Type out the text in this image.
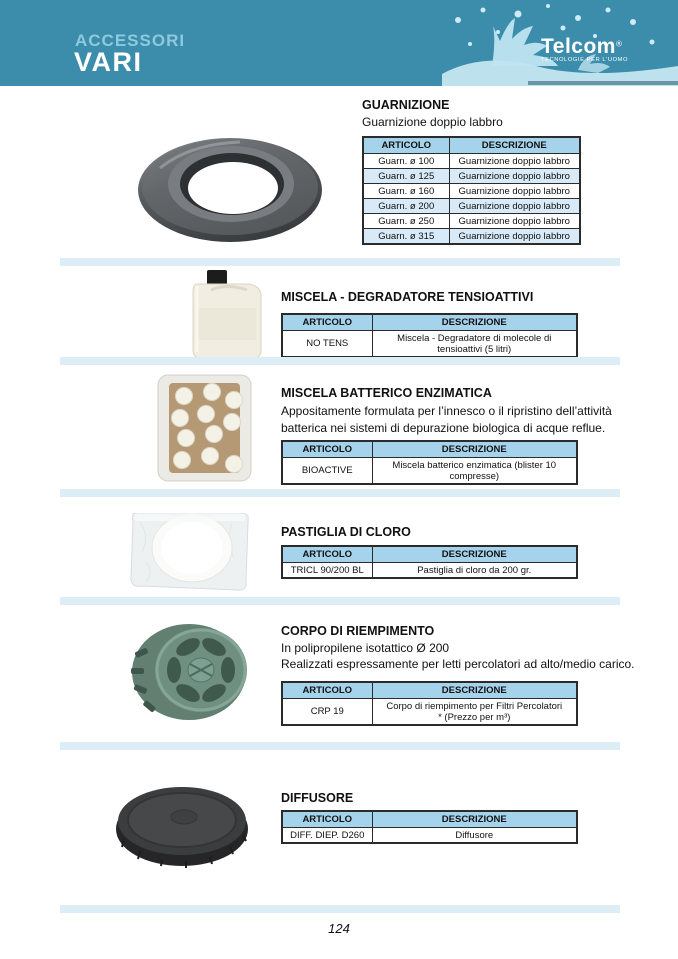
ACCESSORI
VARI
Telcom®
TECNOLOGIE PER L'UOMO
GUARNIZIONE
Guarnizione doppio labbro
ARTICOLO	DESCRIZIONE
Guarn. ø 100	Guarnizione doppio labbro
Guarn. ø 125	Guarnizione doppio labbro
Guarn. ø 160	Guarnizione doppio labbro
Guarn. ø 200	Guarnizione doppio labbro
Guarn. ø 250	Guarnizione doppio labbro
Guarn. ø 315	Guarnizione doppio labbro
MISCELA - DEGRADATORE TENSIOATTIVI
ARTICOLO	DESCRIZIONE
NO TENS	Miscela - Degradatore di molecole di tensioattivi (5 litri)
MISCELA BATTERICO ENZIMATICA
Appositamente formulata per l’innesco o il ripristino dell’attività batterica nei sistemi di depurazione biologica di acque reflue.
ARTICOLO	DESCRIZIONE
BIOACTIVE	Miscela batterico enzimatica (blister 10 compresse)
PASTIGLIA DI CLORO
ARTICOLO	DESCRIZIONE
TRICL 90/200 BL	Pastiglia di cloro da 200 gr.
CORPO DI RIEMPIMENTO
In polipropilene isotattico Ø 200
Realizzati espressamente per letti percolatori ad alto/medio carico.
ARTICOLO	DESCRIZIONE
CRP 19	Corpo di riempimento per Filtri Percolatori
* (Prezzo per m³)
DIFFUSORE
ARTICOLO	DESCRIZIONE
DIFF. DIEP. D260	Diffusore
124
